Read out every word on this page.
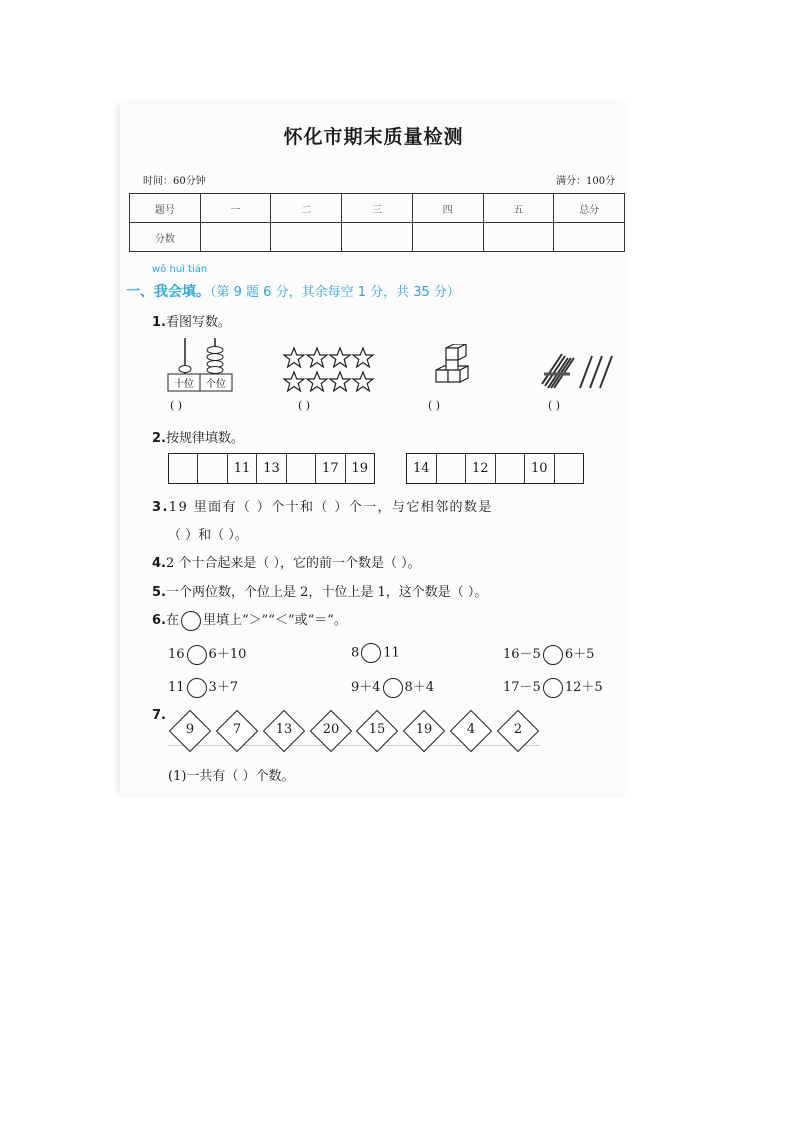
怀化市期末质量检测
时间：60分钟	满分：100分
题号	一	二	三	四	五	总分
分数						
wǒ huì tián
一、我会填。（第 9 题 6 分，其余每空 1 分，共 35 分）
1.看图写数。
十位 个位
( )	( )	( )	( )
2.按规律填数。
11 13	17 19	14	12	10
3.19 里面有（ ）个十和（ ）个一，与它相邻的数是
（ ）和（ ）。
4.2 个十合起来是（ ），它的前一个数是（ ）。
5.一个两位数，个位上是 2，十位上是 1，这个数是（ ）。
6.在 里填上“＞”“＜”或“＝”。
16 6＋10	8 11	16－5 6＋5
11 3＋7	9＋4 8＋4	17－5 12＋5
7.
9	7	13	20	15	19	4	2
(1)一共有（ ）个数。
